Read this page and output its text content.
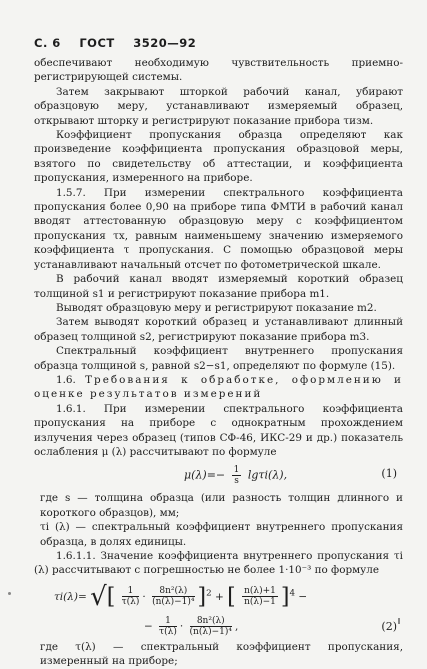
С. 6 ГОСТ 3520—92

обеспечивают необходимую чувствительность приемно-регистрирующей системы.

Затем закрывают шторкой рабочий канал, убирают образцовую меру, устанавливают измеряемый образец, открывают шторку и регистрируют показание прибора τизм.

Коэффициент пропускания образца определяют как произведение коэффициента пропускания образцовой меры, взятого по свидетельству об аттестации, и коэффициента пропускания, измеренного на приборе.

1.5.7. При измерении спектрального коэффициента пропускания более 0,90 на приборе типа ФМТИ в рабочий канал вводят аттестованную образцовую меру с коэффициентом пропускания τх, равным наименьшему значению измеряемого коэффициента τ пропускания. С помощью образцовой меры устанавливают начальный отсчет по фотометрической шкале.

В рабочий канал вводят измеряемый короткий образец толщиной s1 и регистрируют показание прибора m1.

Выводят образцовую меру и регистрируют показание m2.

Затем выводят короткий образец и устанавливают длинный образец толщиной s2, регистрируют показание прибора m3.

Спектральный коэффициент внутреннего пропускания образца толщиной s, равной s2−s1, определяют по формуле (15).

1.6. Требования к обработке, оформлению и оценке результатов измерений

1.6.1. При измерении спектрального коэффициента пропускания на приборе с однократным прохождением излучения через образец (типов СФ-46, ИКС-29 и др.) показатель ослабления μ (λ) рассчитывают по формуле

$\mu(\lambda)=- \frac{1}{s} \lg\tau i(\lambda)$,	(1)

где s — толщина образца (или разность толщин длинного и короткого образцов), мм;

τi (λ) — спектральный коэффициент внутреннего пропускания образца, в долях единицы.

1.6.1.1. Значение коэффициента внутреннего пропускания τi (λ) рассчитывают с погрешностью не более 1·10⁻³ по формуле

τi(λ)= √[ $\frac{1}{\tau(\lambda)} \cdot \frac{\text{8n²(λ)}}{\text{(n(λ)−1)⁴}} ]^2$ + [ $\frac{n(\lambda)+1}{n(\lambda)-1} ]^4$ −
− $\frac{1}{\tau(\lambda)} \cdot \frac{\text{8n²(λ)}}{\text{(n(λ)−1)⁴}}$ ,	(2)

где τ(λ) — спектральный коэффициент пропускания, измеренный на приборе;
